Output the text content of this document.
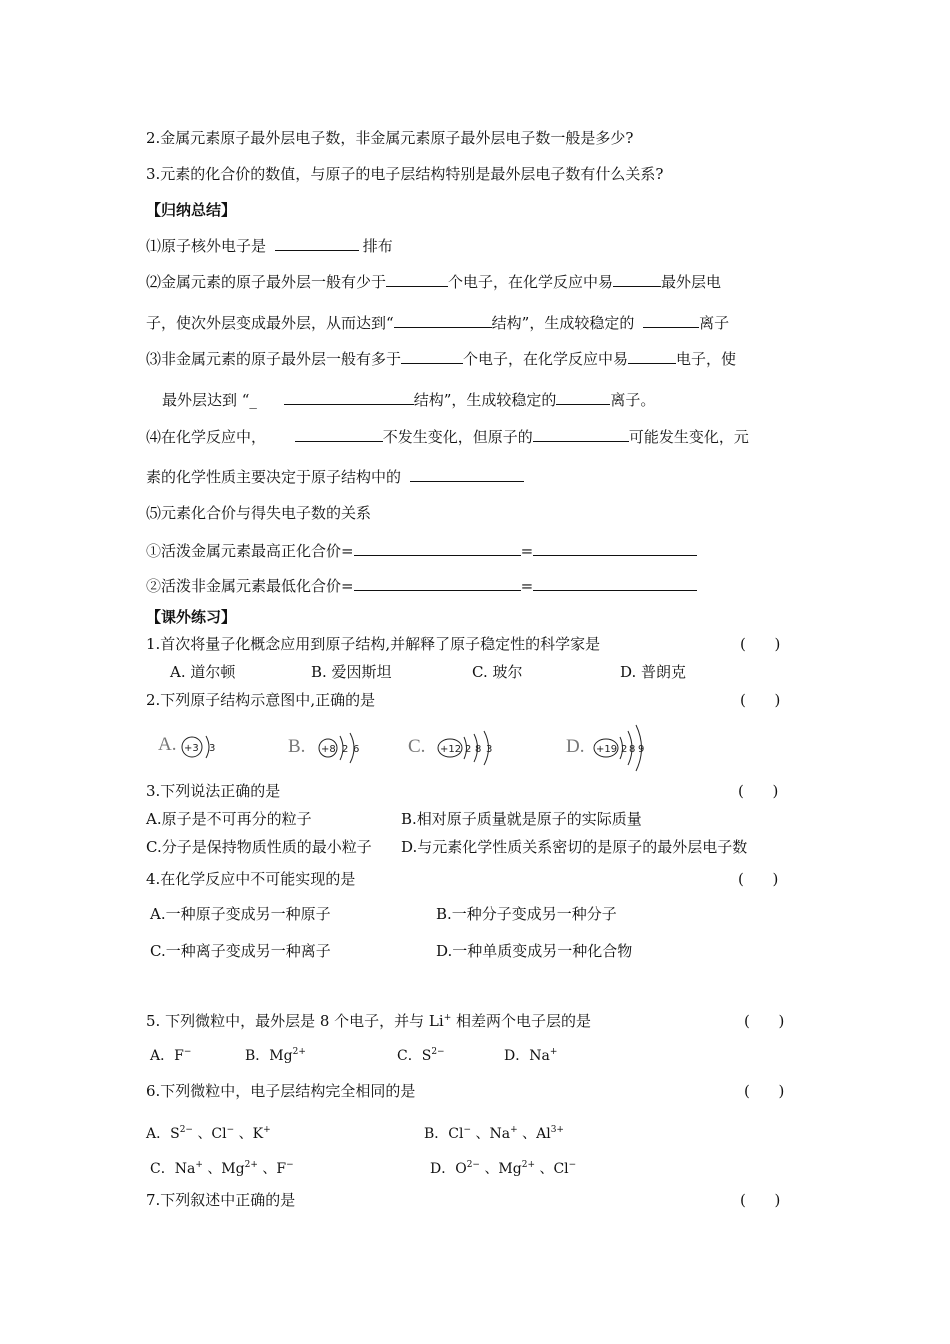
2.金属元素原子最外层电子数，非金属元素原子最外层电子数一般是多少?
3.元素的化合价的数值，与原子的电子层结构特别是最外层电子数有什么关系?
【归纳总结】
⑴原子核外电子是	排布
⑵金属元素的原子最外层一般有少于	个电子，在化学反应中易	最外层电
子，使次外层变成最外层，从而达到“	结构”，生成较稳定的	离子
⑶非金属元素的原子最外层一般有多于	个电子，在化学反应中易	电子，使
最外层达到 “_	结构”，生成较稳定的	离子。
⑷在化学反应中，	不发生变化，但原子的	可能发生变化，元
素的化学性质主要决定于原子结构中的
⑸元素化合价与得失电子数的关系
①活泼金属元素最高正化合价=	=
②活泼非金属元素最低化合价=	=
【课外练习】
1.首次将量子化概念应用到原子结构,并解释了原子稳定性的科学家是	(      )
A. 道尔顿	B. 爱因斯坦	C. 玻尔	D. 普朗克
2.下列原子结构示意图中,正确的是	(      )
A. +3 3	B. +8 2 6	C. +12 2 8 3	D. +19 2 8 9
3.下列说法正确的是	(      )
A.原子是不可再分的粒子	B.相对原子质量就是原子的实际质量
C.分子是保持物质性质的最小粒子 D.与元素化学性质关系密切的是原子的最外层电子数
4.在化学反应中不可能实现的是	(      )
A.一种原子变成另一种原子	B.一种分子变成另一种分子
C.一种离子变成另一种离子	D.一种单质变成另一种化合物
5. 下列微粒中，最外层是 8 个电子，并与 Li+ 相差两个电子层的是	(      )
A．F−	B．$Mg^{2+}$	C．$S^{2-}$	D．Na+
6.下列微粒中，电子层结构完全相同的是	(      )
A．$S^{2-}$ 、Cl− 、K+	B．Cl− 、Na+ 、$Al^{3+}$
C．Na+ 、$Mg^{2+}$ 、F−	D．$O^{2-}$ 、$Mg^{2+}$ 、Cl−
7.下列叙述中正确的是	(      )
